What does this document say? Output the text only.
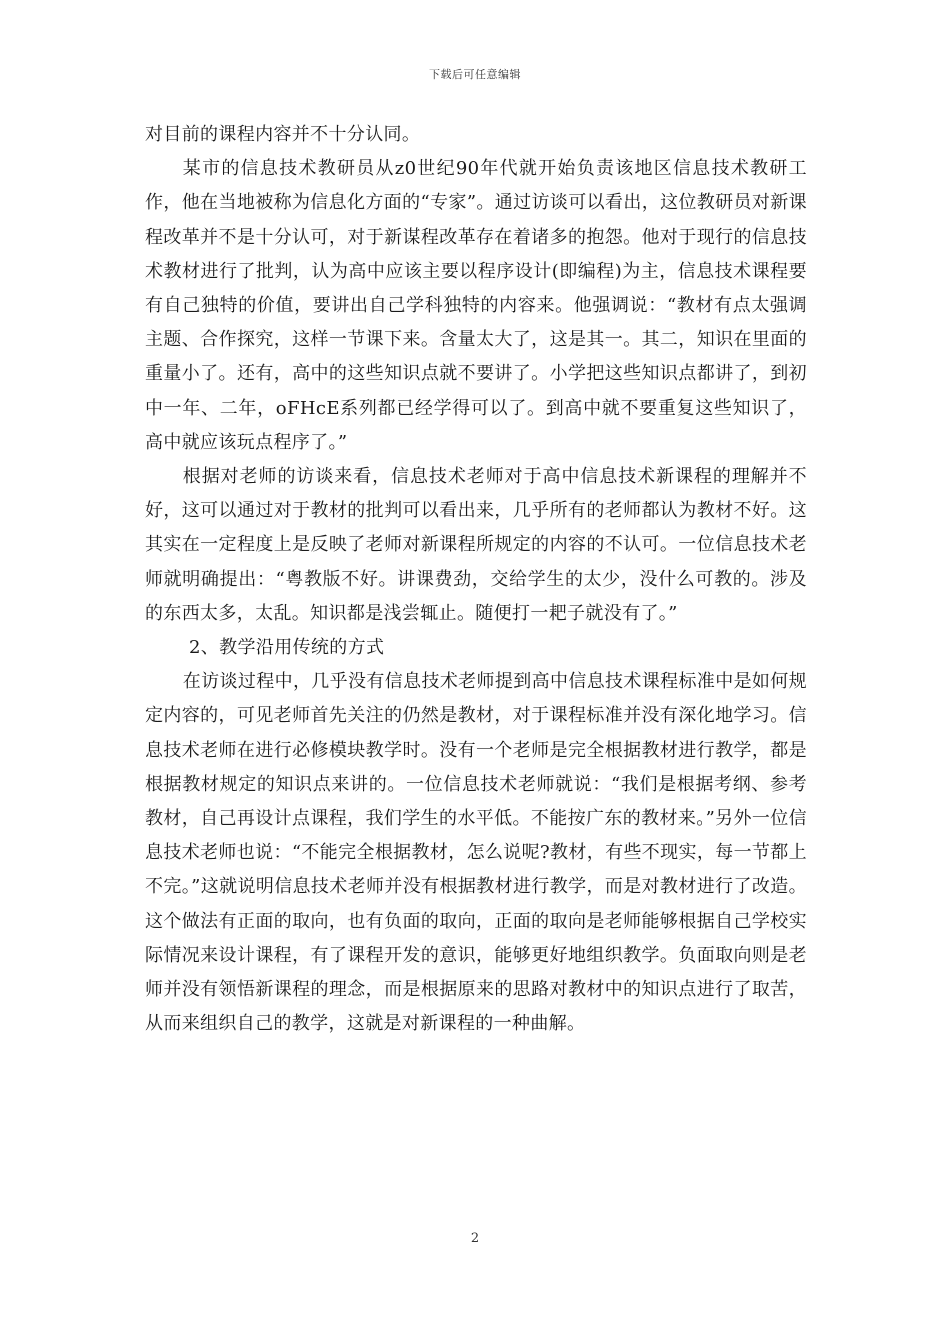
下载后可任意编辑

对目前的课程内容并不十分认同。

某市的信息技术教研员从z0世纪90年代就开始负责该地区信息技术教研工作，他在当地被称为信息化方面的“专家”。通过访谈可以看出，这位教研员对新课程改革并不是十分认可，对于新谋程改革存在着诸多的抱怨。他对于现行的信息技术教材进行了批判，认为高中应该主要以程序设计(即编程)为主，信息技术课程要有自己独特的价值，要讲出自己学科独特的内容来。他强调说：“教材有点太强调主题、合作探究，这样一节课下来。含量太大了，这是其一。其二，知识在里面的重量小了。还有，高中的这些知识点就不要讲了。小学把这些知识点都讲了，到初中一年、二年，oFHcE系列都已经学得可以了。到高中就不要重复这些知识了，高中就应该玩点程序了。”

根据对老师的访谈来看，信息技术老师对于高中信息技术新课程的理解并不好，这可以通过对于教材的批判可以看出来，几乎所有的老师都认为教材不好。这其实在一定程度上是反映了老师对新课程所规定的内容的不认可。一位信息技术老师就明确提出：“粤教版不好。讲课费劲，交给学生的太少，没什么可教的。涉及的东西太多，太乱。知识都是浅尝辄止。随便打一耙子就没有了。”

2、教学沿用传统的方式

在访谈过程中，几乎没有信息技术老师提到高中信息技术课程标准中是如何规定内容的，可见老师首先关注的仍然是教材，对于课程标准并没有深化地学习。信息技术老师在进行必修模块教学时。没有一个老师是完全根据教材进行教学，都是根据教材规定的知识点来讲的。一位信息技术老师就说：“我们是根据考纲、参考教材，自己再设计点课程，我们学生的水平低。不能按广东的教材来。”另外一位信息技术老师也说：“不能完全根据教材，怎么说呢?教材，有些不现实，每一节都上不完。”这就说明信息技术老师并没有根据教材进行教学，而是对教材进行了改造。这个做法有正面的取向，也有负面的取向，正面的取向是老师能够根据自己学校实际情况来设计课程，有了课程开发的意识，能够更好地组织教学。负面取向则是老师并没有领悟新课程的理念，而是根据原来的思路对教材中的知识点进行了取苦，从而来组织自己的教学，这就是对新课程的一种曲解。

2
